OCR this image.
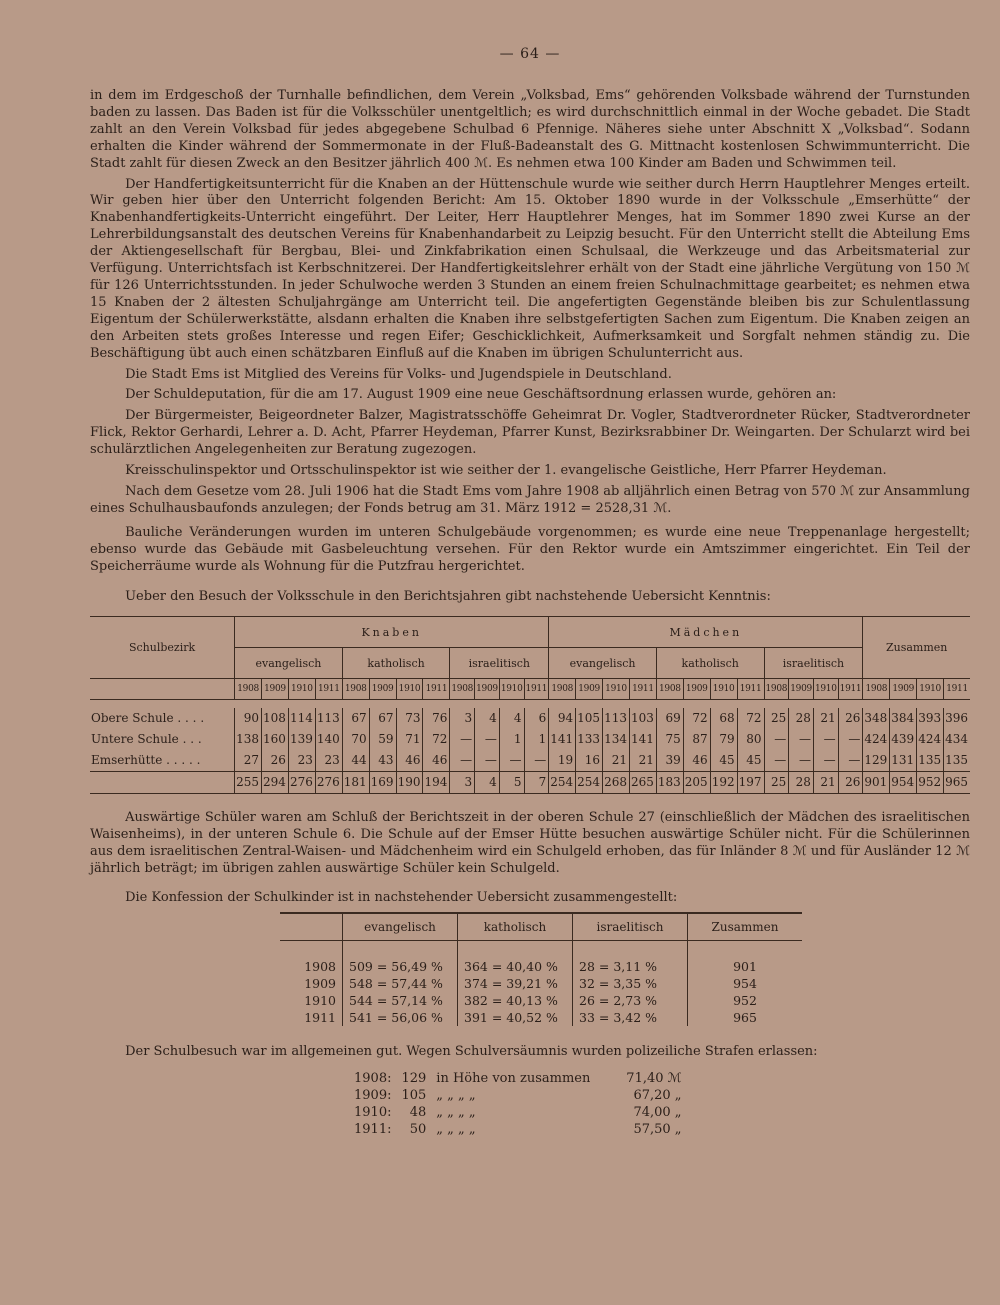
— 64 —

in dem im Erdgeschoß der Turnhalle befindlichen, dem Verein „Volksbad, Ems“ gehörenden Volksbade während der Turnstunden baden zu lassen. Das Baden ist für die Volksschüler unentgeltlich; es wird durchschnittlich einmal in der Woche gebadet. Die Stadt zahlt an den Verein Volksbad für jedes abgegebene Schulbad 6 Pfennige. Näheres siehe unter Abschnitt X „Volksbad“. Sodann erhalten die Kinder während der Sommermonate in der Fluß-Badeanstalt des G. Mittnacht kostenlosen Schwimmunterricht. Die Stadt zahlt für diesen Zweck an den Besitzer jährlich 400 ℳ. Es nehmen etwa 100 Kinder am Baden und Schwimmen teil.

Der Handfertigkeitsunterricht für die Knaben an der Hüttenschule wurde wie seither durch Herrn Hauptlehrer Menges erteilt. Wir geben hier über den Unterricht folgenden Bericht: Am 15. Oktober 1890 wurde in der Volksschule „Emserhütte“ der Knabenhandfertigkeits-Unterricht eingeführt. Der Leiter, Herr Hauptlehrer Menges, hat im Sommer 1890 zwei Kurse an der Lehrerbildungsanstalt des deutschen Vereins für Knabenhandarbeit zu Leipzig besucht. Für den Unterricht stellt die Abteilung Ems der Aktiengesellschaft für Bergbau, Blei- und Zinkfabrikation einen Schulsaal, die Werkzeuge und das Arbeitsmaterial zur Verfügung. Unterrichtsfach ist Kerbschnitzerei. Der Handfertigkeitslehrer erhält von der Stadt eine jährliche Vergütung von 150 ℳ für 126 Unterrichtsstunden. In jeder Schulwoche werden 3 Stunden an einem freien Schulnachmittage gearbeitet; es nehmen etwa 15 Knaben der 2 ältesten Schuljahrgänge am Unterricht teil. Die angefertigten Gegenstände bleiben bis zur Schulentlassung Eigentum der Schülerwerkstätte, alsdann erhalten die Knaben ihre selbstgefertigten Sachen zum Eigentum. Die Knaben zeigen an den Arbeiten stets großes Interesse und regen Eifer; Geschicklichkeit, Aufmerksamkeit und Sorgfalt nehmen ständig zu. Die Beschäftigung übt auch einen schätzbaren Einfluß auf die Knaben im übrigen Schulunterricht aus.

Die Stadt Ems ist Mitglied des Vereins für Volks- und Jugendspiele in Deutschland.

Der Schuldeputation, für die am 17. August 1909 eine neue Geschäftsordnung erlassen wurde, gehören an:

Der Bürgermeister, Beigeordneter Balzer, Magistratsschöffe Geheimrat Dr. Vogler, Stadtverordneter Rücker, Stadtverordneter Flick, Rektor Gerhardi, Lehrer a. D. Acht, Pfarrer Heydeman, Pfarrer Kunst, Bezirksrabbiner Dr. Weingarten. Der Schularzt wird bei schulärztlichen Angelegenheiten zur Beratung zugezogen.

Kreisschulinspektor und Ortsschulinspektor ist wie seither der 1. evangelische Geistliche, Herr Pfarrer Heydeman.

Nach dem Gesetze vom 28. Juli 1906 hat die Stadt Ems vom Jahre 1908 ab alljährlich einen Betrag von 570 ℳ zur Ansammlung eines Schulhausbaufonds anzulegen; der Fonds betrug am 31. März 1912 = 2528,31 ℳ.

Bauliche Veränderungen wurden im unteren Schulgebäude vorgenommen; es wurde eine neue Treppenanlage hergestellt; ebenso wurde das Gebäude mit Gasbeleuchtung versehen. Für den Rektor wurde ein Amtszimmer eingerichtet. Ein Teil der Speicherräume wurde als Wohnung für die Putzfrau hergerichtet.

Ueber den Besuch der Volksschule in den Berichtsjahren gibt nachstehende Uebersicht Kenntnis:

Schulbezirk	Knaben												Mädchen												Zusammen			
	evangelisch				katholisch				israelitisch				evangelisch				katholisch				israelitisch							
	1908	1909	1910	1911	1908	1909	1910	1911	1908	1909	1910	1911	1908	1909	1910	1911	1908	1909	1910	1911	1908	1909	1910	1911	1908	1909	1910	1911

Obere Schule . . . .	90	108	114	113	67	67	73	76	3	4	4	6	94	105	113	103	69	72	68	72	25	28	21	26	348	384	393	396
Untere Schule . . .	138	160	139	140	70	59	71	72	—	—	1	1	141	133	134	141	75	87	79	80	—	—	—	—	424	439	424	434
Emserhütte . . . . .	27	26	23	23	44	43	46	46	—	—	—	—	19	16	21	21	39	46	45	45	—	—	—	—	129	131	135	135
	255	294	276	276	181	169	190	194	3	4	5	7	254	254	268	265	183	205	192	197	25	28	21	26	901	954	952	965

Auswärtige Schüler waren am Schluß der Berichtszeit in der oberen Schule 27 (einschließlich der Mädchen des israelitischen Waisenheims), in der unteren Schule 6. Die Schule auf der Emser Hütte besuchen auswärtige Schüler nicht. Für die Schülerinnen aus dem israelitischen Zentral-Waisen- und Mädchenheim wird ein Schulgeld erhoben, das für Inländer 8 ℳ und für Ausländer 12 ℳ jährlich beträgt; im übrigen zahlen auswärtige Schüler kein Schulgeld.

Die Konfession der Schulkinder ist in nachstehender Uebersicht zusammengestellt:

	evangelisch	katholisch	israelitisch	Zusammen

1908	509 = 56,49 %	364 = 40,40 %	28 = 3,11 %	901
1909	548 = 57,44 %	374 = 39,21 %	32 = 3,35 %	954
1910	544 = 57,14 %	382 = 40,13 %	26 = 2,73 %	952
1911	541 = 56,06 %	391 = 40,52 %	33 = 3,42 %	965

Der Schulbesuch war im allgemeinen gut. Wegen Schulversäumnis wurden polizeiliche Strafen erlassen:

1908:	129	in Höhe von zusammen	71,40 ℳ
1909:	105	„ „ „ „	67,20 „
1910:	48	„ „ „ „	74,00 „
1911:	50	„ „ „ „	57,50 „
